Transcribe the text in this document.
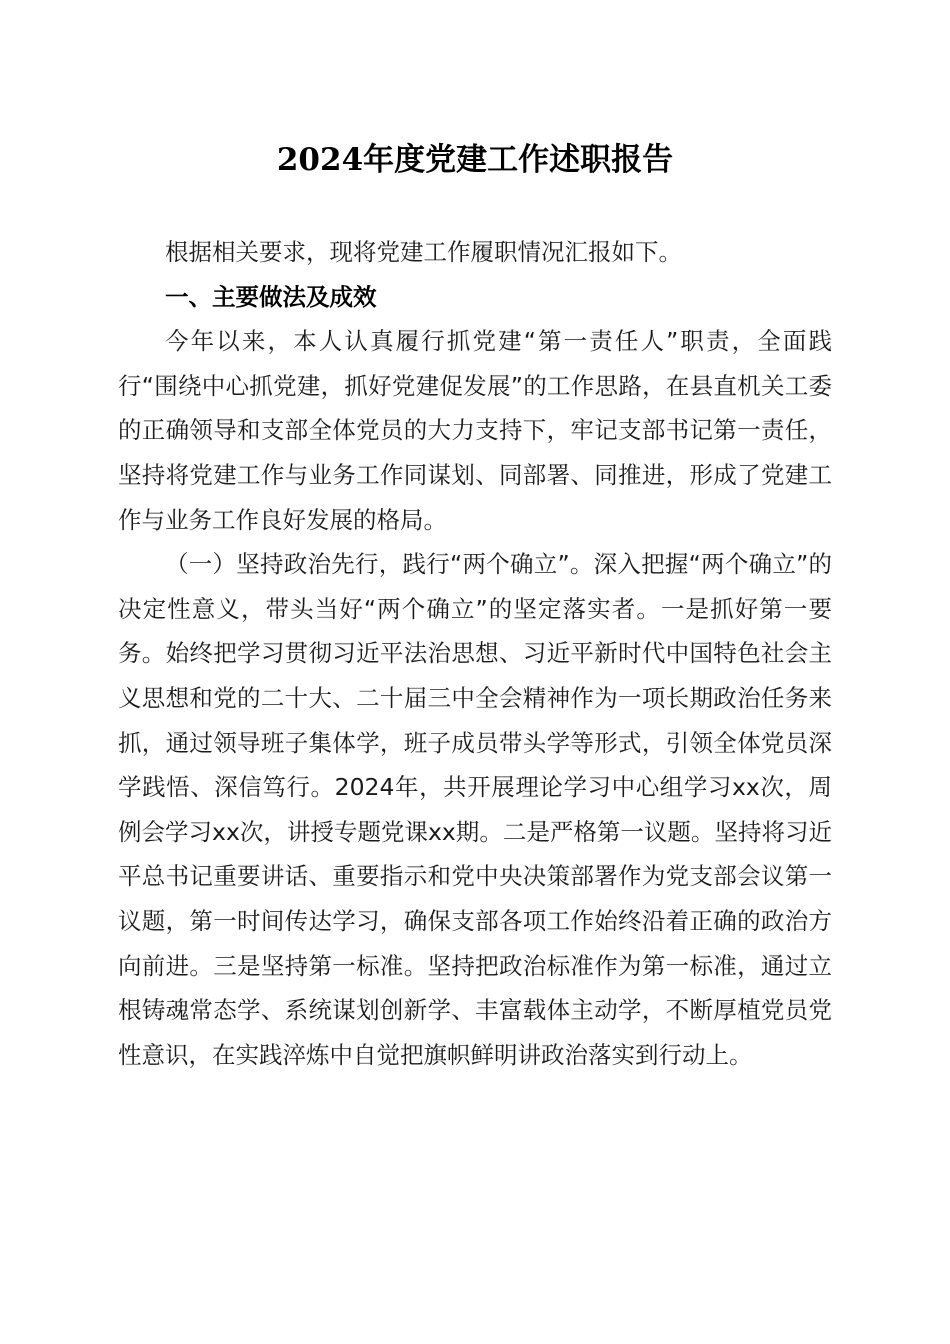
2024年度党建工作述职报告

根据相关要求，现将党建工作履职情况汇报如下。

一、主要做法及成效

今年以来，本人认真履行抓党建“第一责任人”职责，全面践行“围绕中心抓党建，抓好党建促发展”的工作思路，在县直机关工委的正确领导和支部全体党员的大力支持下，牢记支部书记第一责任，坚持将党建工作与业务工作同谋划、同部署、同推进，形成了党建工作与业务工作良好发展的格局。

（一）坚持政治先行，践行“两个确立”。深入把握“两个确立”的决定性意义，带头当好“两个确立”的坚定落实者。一是抓好第一要务。始终把学习贯彻习近平法治思想、习近平新时代中国特色社会主义思想和党的二十大、二十届三中全会精神作为一项长期政治任务来抓，通过领导班子集体学，班子成员带头学等形式，引领全体党员深学践悟、深信笃行。2024年，共开展理论学习中心组学习xx次，周例会学习xx次，讲授专题党课xx期。二是严格第一议题。坚持将习近平总书记重要讲话、重要指示和党中央决策部署作为党支部会议第一议题，第一时间传达学习，确保支部各项工作始终沿着正确的政治方向前进。三是坚持第一标准。坚持把政治标准作为第一标准，通过立根铸魂常态学、系统谋划创新学、丰富载体主动学，不断厚植党员党性意识，在实践淬炼中自觉把旗帜鲜明讲政治落实到行动上。
